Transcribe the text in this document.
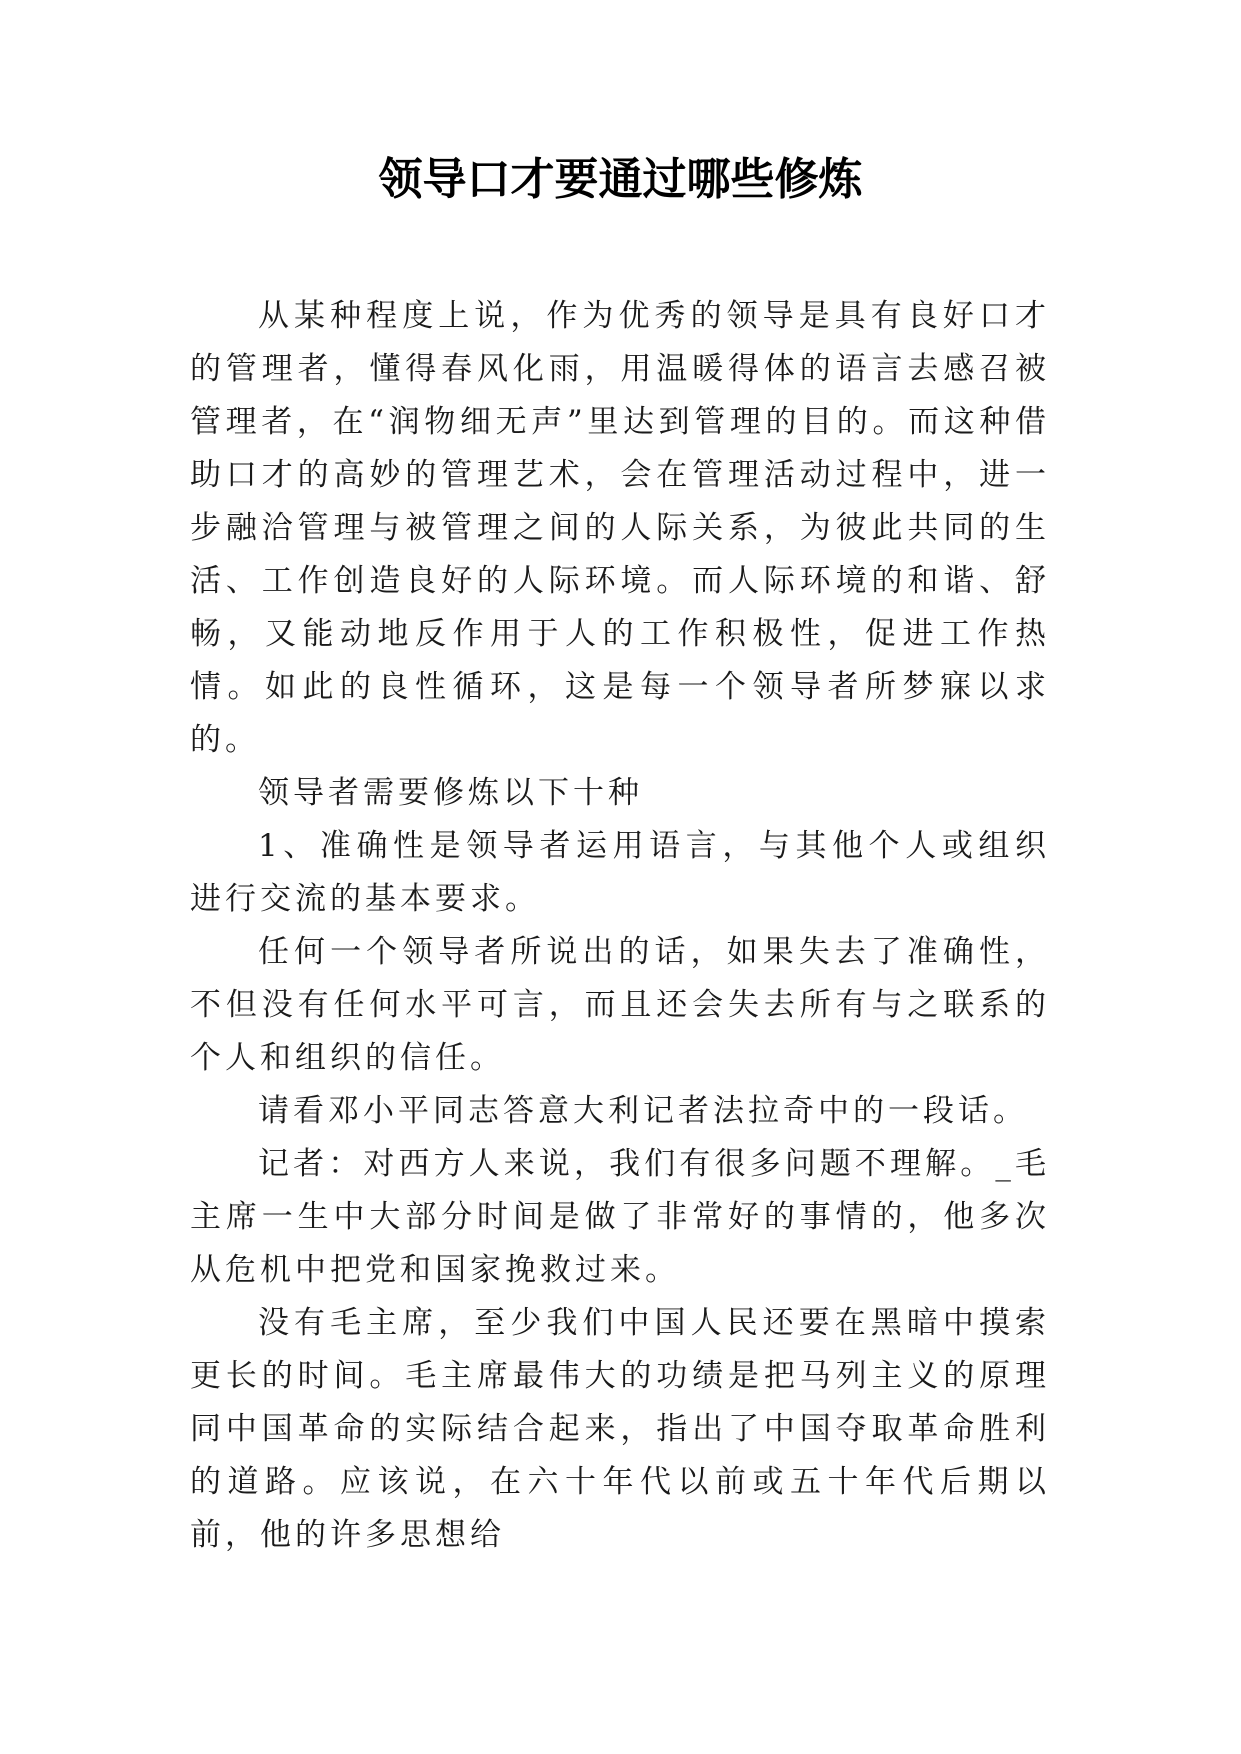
领导口才要通过哪些修炼

从某种程度上说，作为优秀的领导是具有良好口才的管理者，懂得春风化雨，用温暖得体的语言去感召被管理者，在“润物细无声”里达到管理的目的。而这种借助口才的高妙的管理艺术，会在管理活动过程中，进一步融洽管理与被管理之间的人际关系，为彼此共同的生活、工作创造良好的人际环境。而人际环境的和谐、舒畅，又能动地反作用于人的工作积极性，促进工作热情。如此的良性循环，这是每一个领导者所梦寐以求的。

领导者需要修炼以下十种

1、准确性是领导者运用语言，与其他个人或组织进行交流的基本要求。

任何一个领导者所说出的话，如果失去了准确性，不但没有任何水平可言，而且还会失去所有与之联系的个人和组织的信任。

请看邓小平同志答意大利记者法拉奇中的一段话。

记者：对西方人来说，我们有很多问题不理解。_毛主席一生中大部分时间是做了非常好的事情的，他多次从危机中把党和国家挽救过来。

没有毛主席，至少我们中国人民还要在黑暗中摸索更长的时间。毛主席最伟大的功绩是把马列主义的原理同中国革命的实际结合起来，指出了中国夺取革命胜利的道路。应该说，在六十年代以前或五十年代后期以前，他的许多思想给
